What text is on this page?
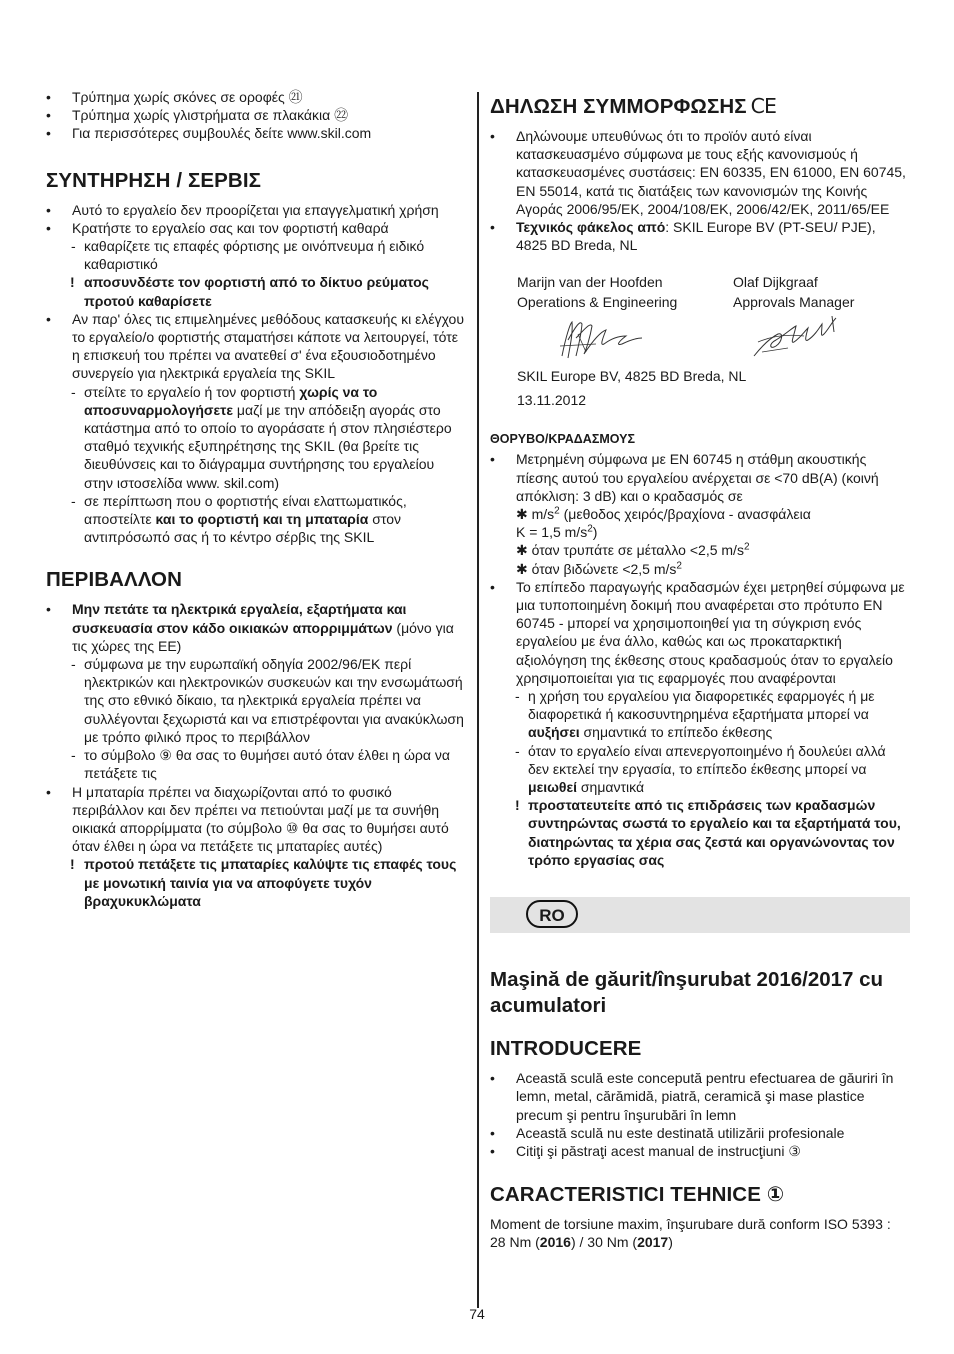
• Τρύπημα χωρίς σκόνες σε οροφές ㉑
• Τρύπημα χωρίς γλιστρήματα σε πλακάκια ㉒
• Για περισσότερες συμβουλές δείτε www.skil.com
ΣΥΝΤΗΡΗΣΗ / ΣΕΡΒΙΣ
• Αυτό το εργαλείο δεν προορίζεται για επαγγελματική χρήση
• Κρατήστε το εργαλείο σας και τον φορτιστή καθαρά
- καθαρίζετε τις επαφές φόρτισης με οινόπνευμα ή ειδικό καθαριστικό
! αποσυνδέστε τον φορτιστή από το δίκτυο ρεύματος προτού καθαρίσετε
• Αν παρ' όλες τις επιμελημένες μεθόδους κατασκευής κι ελέγχου το εργαλείο/ο φορτιστής σταματήσει κάποτε να λειτουργεί, τότε η επισκευή του πρέπει να ανατεθεί σ' ένα εξουσιοδοτημένο συνεργείο για ηλεκτρικά εργαλεία της SKIL
- στείλτε το εργαλείο ή τον φορτιστή χωρίς να το αποσυναρμολογήσετε μαζί με την απόδειξη αγοράς στο κατάστημα από το οποίο το αγοράσατε ή στον πλησιέστερο σταθμό τεχνικής εξυπηρέτησης της SKIL (θα βρείτε τις διευθύνσεις και το διάγραμμα συντήρησης του εργαλείου στην ιστοσελίδα www. skil.com)
- σε περίπτωση που ο φορτιστής είναι ελαττωματικός, αποστείλτε και το φορτιστή και τη μπαταρία στον αντιπρόσωπό σας ή το κέντρο σέρβις της SKIL
ΠΕΡΙΒΑΛΛΟΝ
• Μην πετάτε τα ηλεκτρικά εργαλεία, εξαρτήματα και συσκευασία στον κάδο οικιακών απορριμμάτων (μόνο για τις χώρες της ΕΕ)
- σύμφωνα με την ευρωπαϊκή οδηγία 2002/96/ΕΚ περί ηλεκτρικών και ηλεκτρονικών συσκευών και την ενσωμάτωσή της στο εθνικό δίκαιο, τα ηλεκτρικά εργαλεία πρέπει να συλλέγονται ξεχωριστά και να επιστρέφονται για ανακύκλωση με τρόπο φιλικό προς το περιβάλλον
- το σύμβολο ⑨ θα σας το θυμήσει αυτό όταν έλθει η ώρα να πετάξετε τις
• Η μπαταρία πρέπει να διαχωρίζονται από το φυσικό περιβάλλον και δεν πρέπει να πετιούνται μαζί με τα συνήθη οικιακά απορρίμματα (το σύμβολο ⑩ θα σας το θυμήσει αυτό όταν έλθει η ώρα να πετάξετε τις μπαταρίες αυτές)
! προτού πετάξετε τις μπαταρίες καλύψτε τις επαφές τους με μονωτική ταινία για να αποφύγετε τυχόν βραχυκυκλώματα
ΔΗΛΩΣΗ ΣΥΜΜΟΡΦΩΣΗΣ CE
• Δηλώνουμε υπευθύνως ότι το προϊόν αυτό είναι κατασκευασμένο σύμφωνα με τους εξής κανονισμούς ή κατασκευασμένες συστάσεις: EN 60335, EN 61000, EN 60745, EN 55014, κατά τις διατάξεις των κανονισμών της Κοινής Αγοράς 2006/95/ΕΚ, 2004/108/ΕΚ, 2006/42/ΕΚ, 2011/65/ΕΕ
• Τεχνικός φάκελος από: SKIL Europe BV (PT-SEU/ PJE), 4825 BD Breda, NL
Marijn van der Hoofden
Operations & Engineering
Olaf Dijkgraaf
Approvals Manager
SKIL Europe BV, 4825 BD Breda, NL
13.11.2012
ΘΟΡΥΒΟ/ΚΡΑΔΑΣΜΟΥΣ
• Μετρημένη σύμφωνα με EN 60745 η στάθμη ακουστικής πίεσης αυτού του εργαλείου ανέρχεται σε <70 dB(A) (κοινή απόκλιση: 3 dB) και ο κραδασμός σε
✱ $m/s^2$ (μεθοδος χειρός/βραχίονα - ανασφάλεια
K = 1,5 $m/s^2$)
✱ όταν τρυπάτε σε μέταλλο <2,5 $m/s^2$
✱ όταν βιδώνετε <2,5 $m/s^2$
• Το επίπεδο παραγωγής κραδασμών έχει μετρηθεί σύμφωνα με μια τυποποιημένη δοκιμή που αναφέρεται στο πρότυπο EN 60745 - μπορεί να χρησιμοποιηθεί για τη σύγκριση ενός εργαλείου με ένα άλλο, καθώς και ως προκαταρκτική αξιολόγηση της έκθεσης στους κραδασμούς όταν το εργαλείο χρησιμοποιείται για τις εφαρμογές που αναφέρονται
- η χρήση του εργαλείου για διαφορετικές εφαρμογές ή με διαφορετικά ή κακοσυντηρημένα εξαρτήματα μπορεί να αυξήσει σημαντικά το επίπεδο έκθεσης
- όταν το εργαλείο είναι απενεργοποιημένο ή δουλεύει αλλά δεν εκτελεί την εργασία, το επίπεδο έκθεσης μπορεί να μειωθεί σημαντικά
! προστατευτείτε από τις επιδράσεις των κραδασμών συντηρώντας σωστά το εργαλείο και τα εξαρτήματά του, διατηρώντας τα χέρια σας ζεστά και οργανώνοντας τον τρόπο εργασίας σας
RO
Maşină de găurit/înşurubat 2016/2017 cu acumulatori
INTRODUCERE
• Această sculă este concepută pentru efectuarea de găuriri în lemn, metal, cărămidă, piatră, ceramică şi mase plastice precum şi pentru înşurubări în lemn
• Această sculă nu este destinată utilizării profesionale
• Citiţi şi păstraţi acest manual de instrucţiuni ③
CARACTERISTICI TEHNICE ①

Moment de torsiune maxim, înşurubare dură conform ISO 5393 : 28 Nm (2016) / 30 Nm (2017)

74
